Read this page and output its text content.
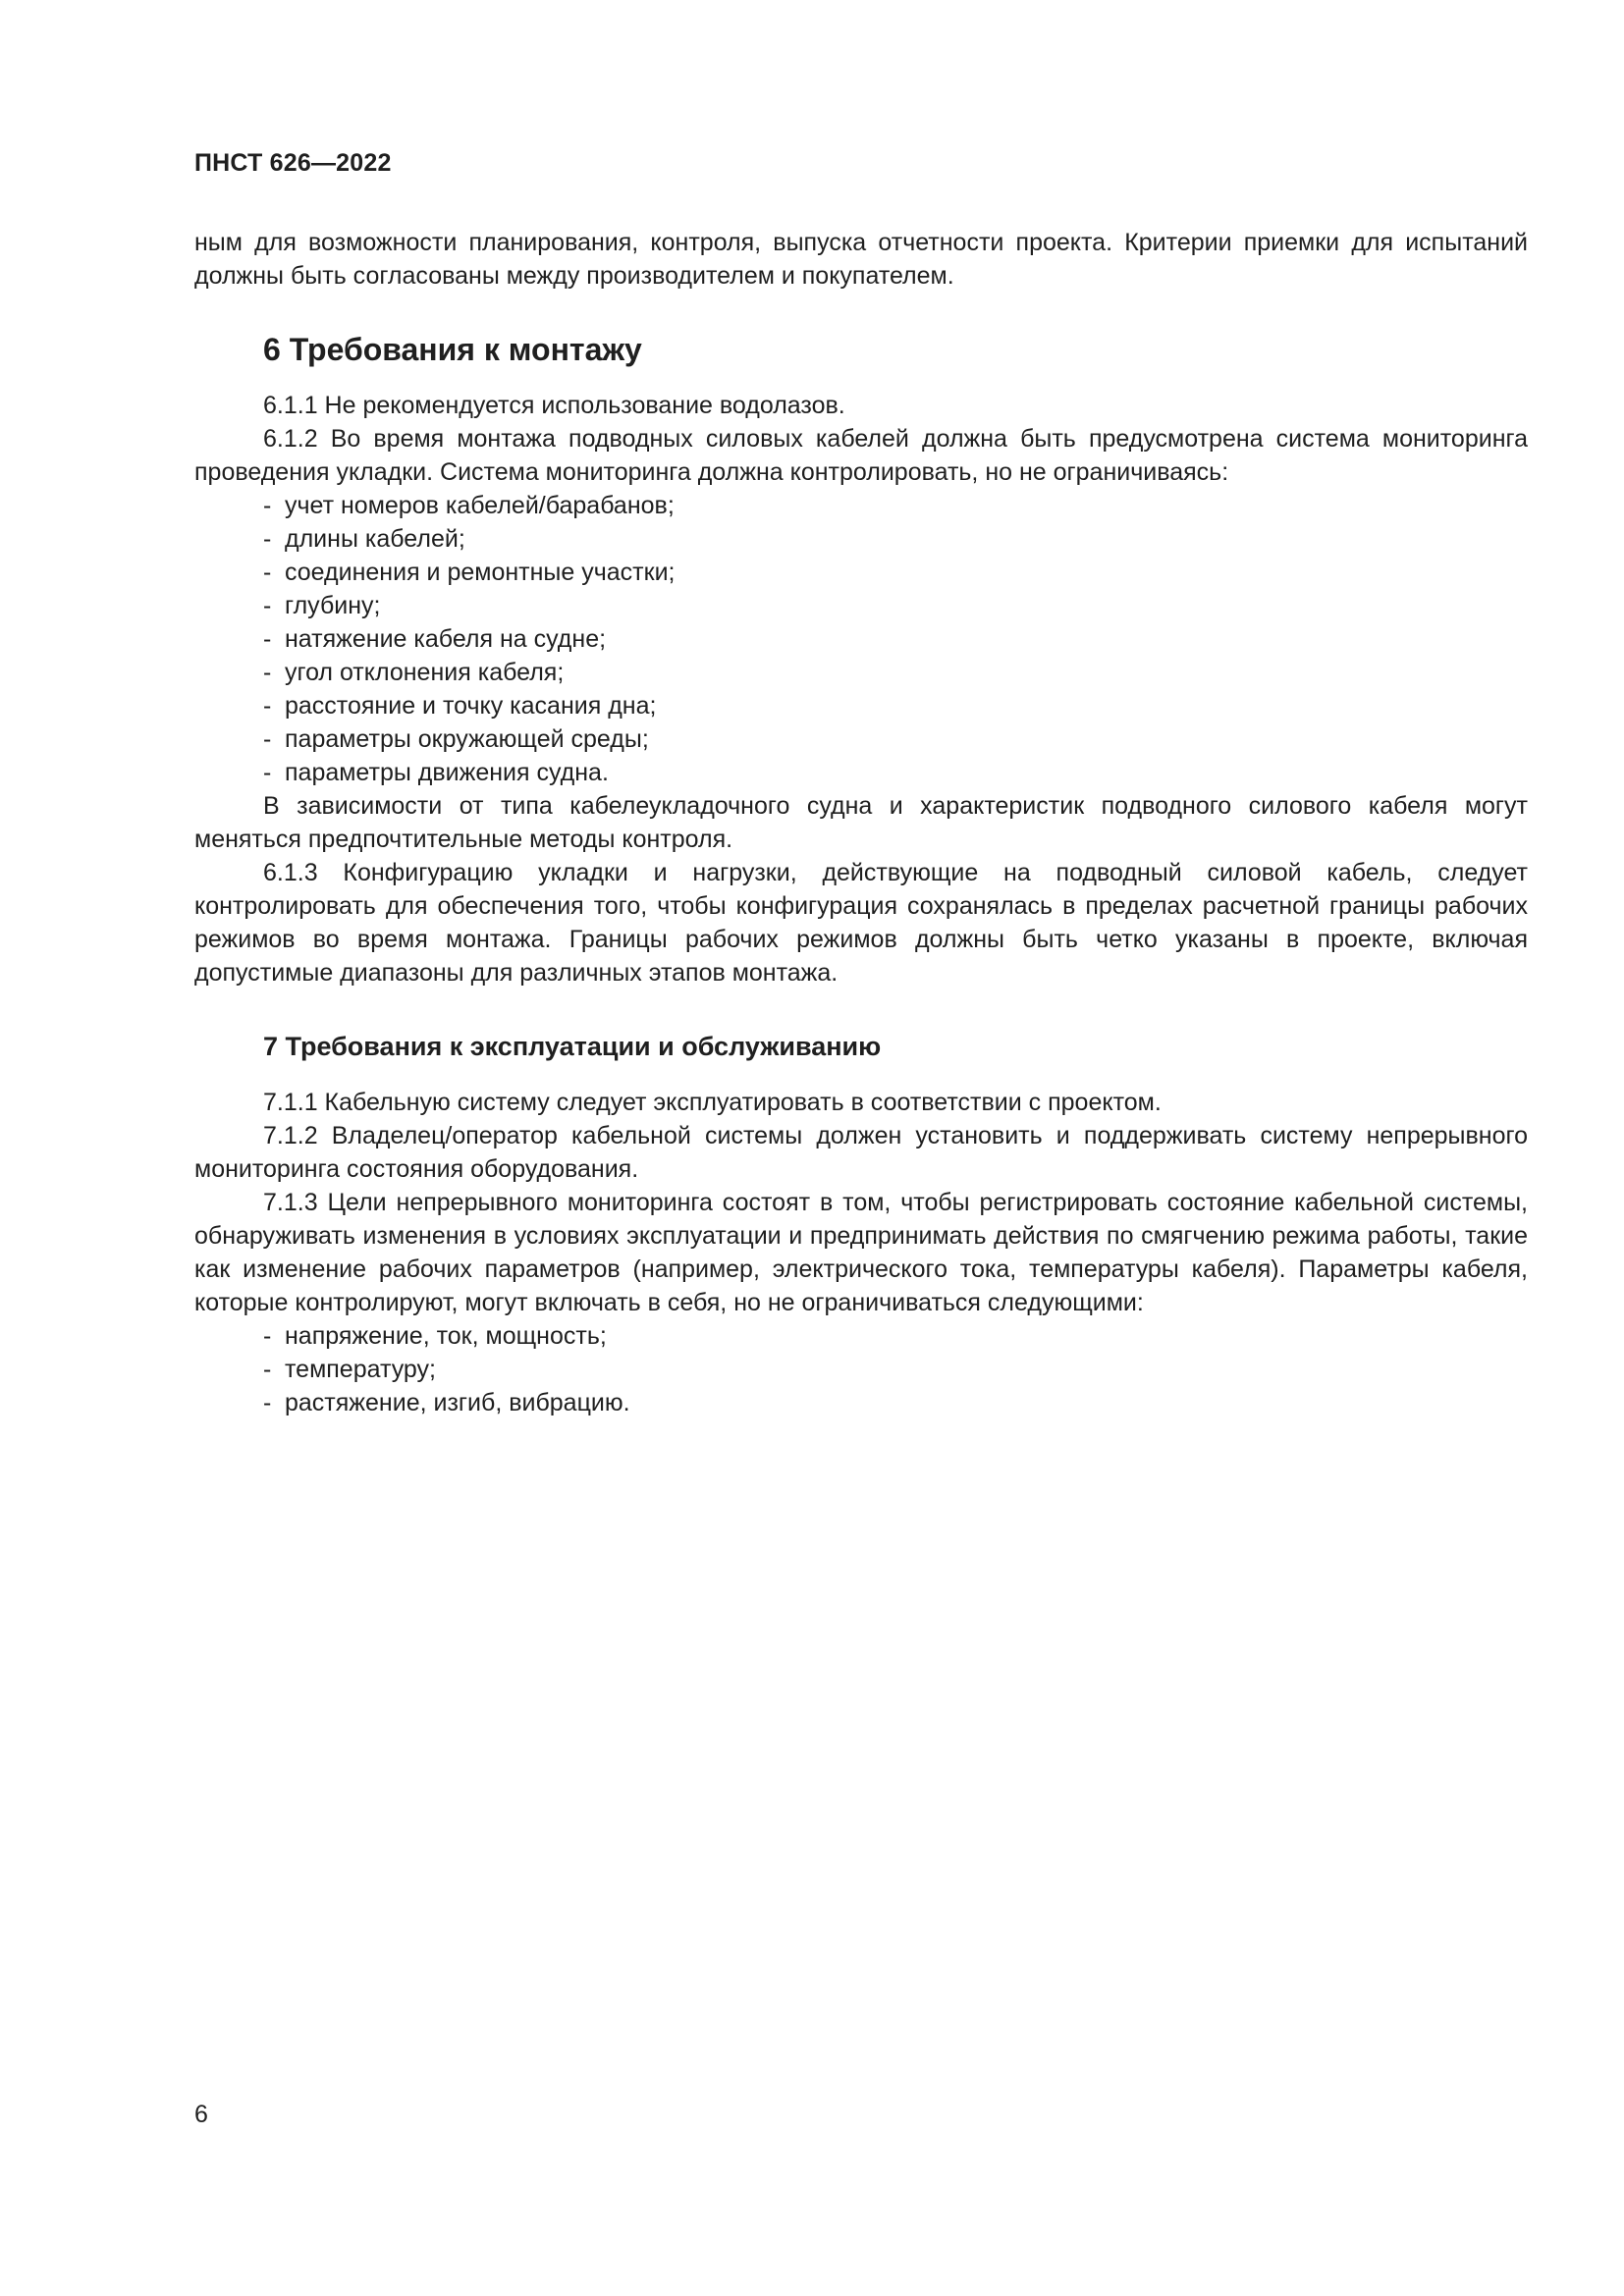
ПНСТ 626—2022

ным для возможности планирования, контроля, выпуска отчетности проекта. Критерии приемки для испытаний должны быть согласованы между производителем и покупателем.

6 Требования к монтажу

6.1.1 Не рекомендуется использование водолазов.

6.1.2 Во время монтажа подводных силовых кабелей должна быть предусмотрена система мониторинга проведения укладки. Система мониторинга должна контролировать, но не ограничиваясь:

- учет номеров кабелей/барабанов;
- длины кабелей;
- соединения и ремонтные участки;
- глубину;
- натяжение кабеля на судне;
- угол отклонения кабеля;
- расстояние и точку касания дна;
- параметры окружающей среды;
- параметры движения судна.

В зависимости от типа кабелеукладочного судна и характеристик подводного силового кабеля могут меняться предпочтительные методы контроля.

6.1.3 Конфигурацию укладки и нагрузки, действующие на подводный силовой кабель, следует контролировать для обеспечения того, чтобы конфигурация сохранялась в пределах расчетной границы рабочих режимов во время монтажа. Границы рабочих режимов должны быть четко указаны в проекте, включая допустимые диапазоны для различных этапов монтажа.

7 Требования к эксплуатации и обслуживанию

7.1.1 Кабельную систему следует эксплуатировать в соответствии с проектом.

7.1.2 Владелец/оператор кабельной системы должен установить и поддерживать систему непрерывного мониторинга состояния оборудования.

7.1.3 Цели непрерывного мониторинга состоят в том, чтобы регистрировать состояние кабельной системы, обнаруживать изменения в условиях эксплуатации и предпринимать действия по смягчению режима работы, такие как изменение рабочих параметров (например, электрического тока, температуры кабеля). Параметры кабеля, которые контролируют, могут включать в себя, но не ограничиваться следующими:

- напряжение, ток, мощность;
- температуру;
- растяжение, изгиб, вибрацию.
6
